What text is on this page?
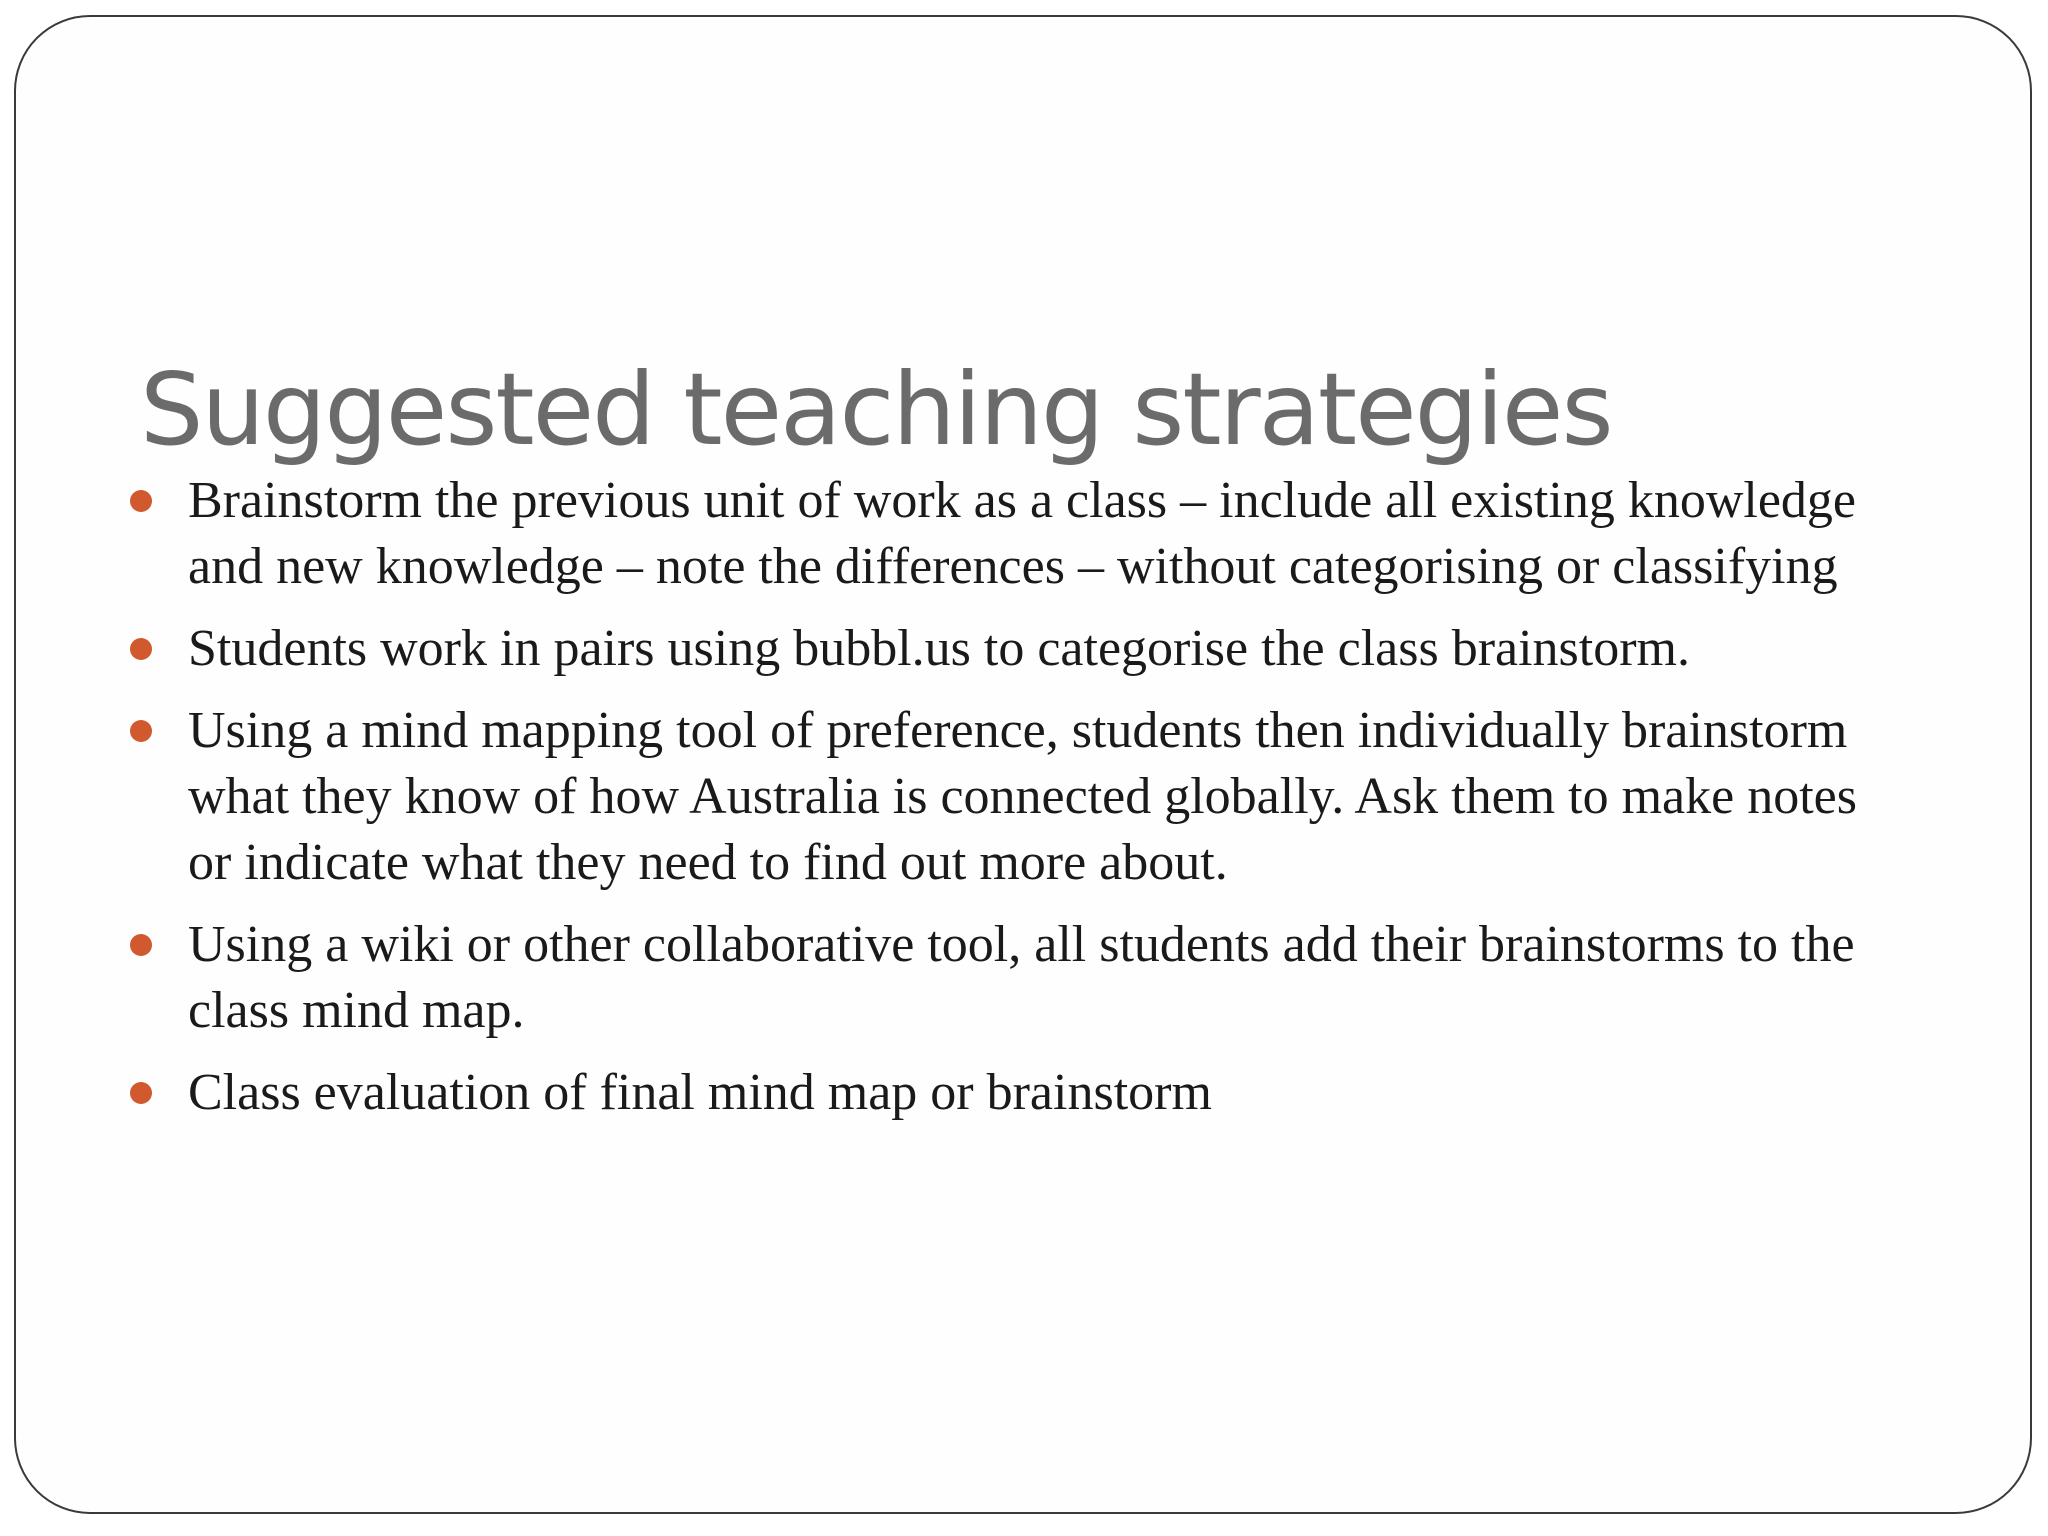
Suggested teaching strategies
Brainstorm the previous unit of work as a class – include all existing knowledge and new knowledge – note the differences – without categorising or classifying
Students work in pairs using bubbl.us to categorise the class brainstorm.
Using a mind mapping tool of preference, students then individually brainstorm what they know of how Australia is connected globally. Ask them to make notes or indicate what they need to find out more about.
Using a wiki or other collaborative tool, all students add their brainstorms to the class mind map.
Class evaluation of final mind map or brainstorm
